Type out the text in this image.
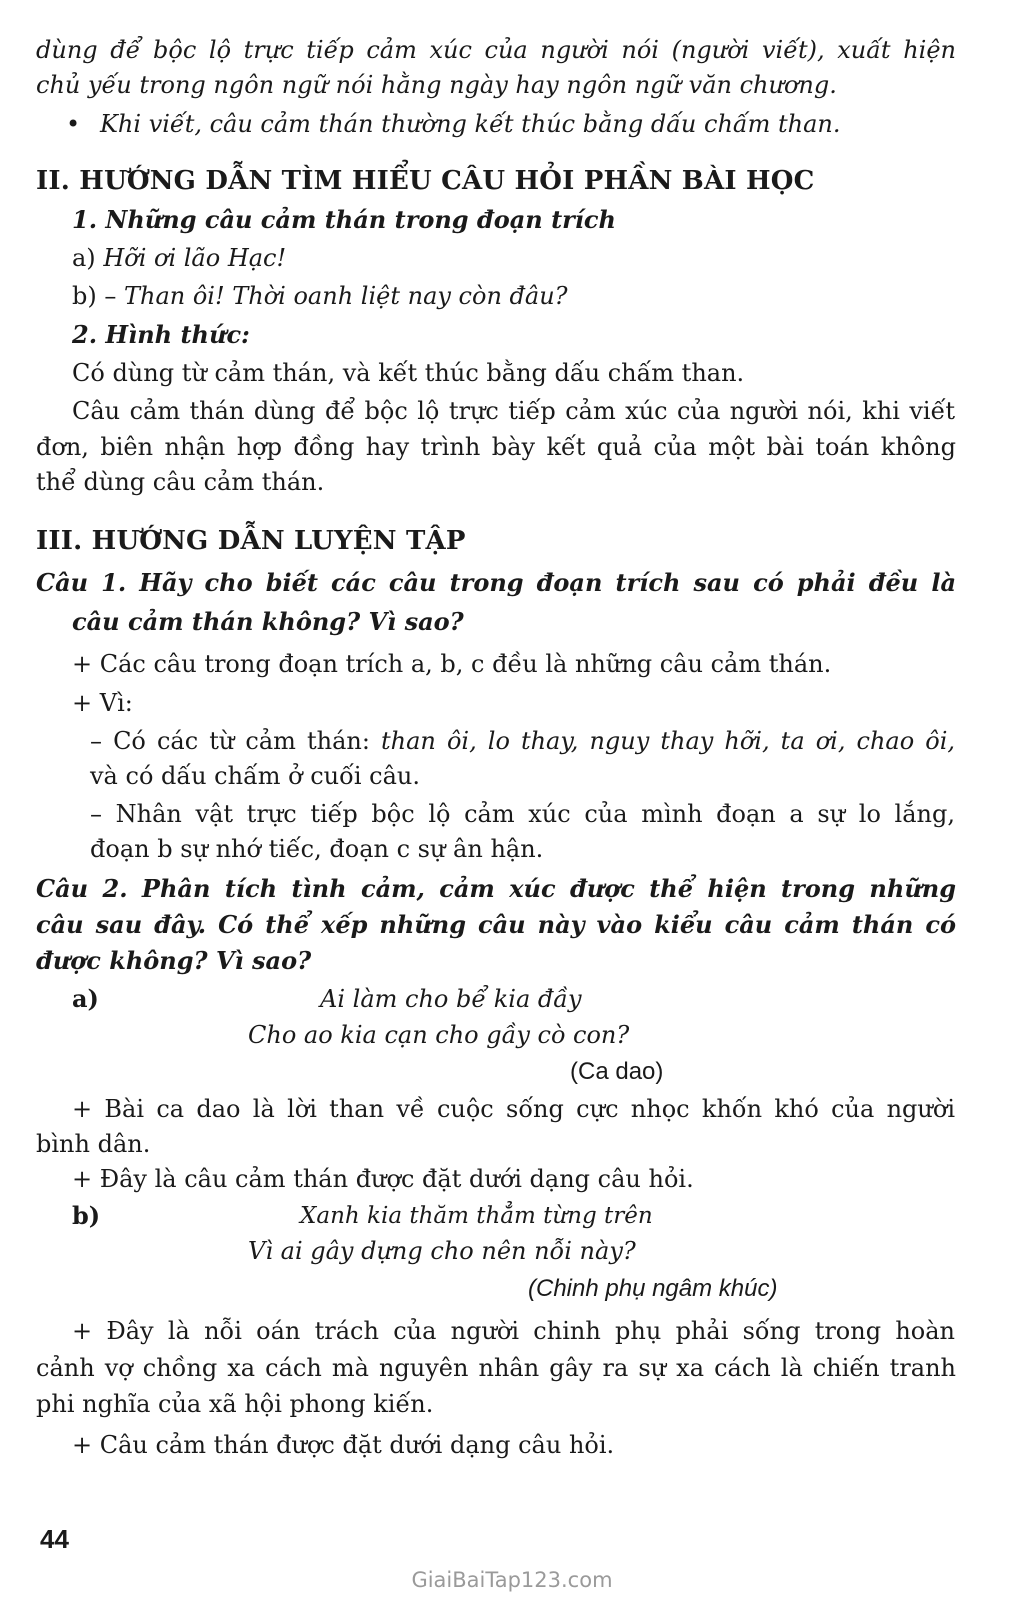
dùng để bộc lộ trực tiếp cảm xúc của người nói (người viết), xuất hiện

chủ yếu trong ngôn ngữ nói hằng ngày hay ngôn ngữ văn chương.

• Khi viết, câu cảm thán thường kết thúc bằng dấu chấm than.

II. HƯỚNG DẪN TÌM HIỂU CÂU HỎI PHẦN BÀI HỌC

1. Những câu cảm thán trong đoạn trích

a) Hỡi ơi lão Hạc!

b) – Than ôi! Thời oanh liệt nay còn đâu?

2. Hình thức:

Có dùng từ cảm thán, và kết thúc bằng dấu chấm than.

Câu cảm thán dùng để bộc lộ trực tiếp cảm xúc của người nói, khi viết

đơn, biên nhận hợp đồng hay trình bày kết quả của một bài toán không

thể dùng câu cảm thán.

III. HƯỚNG DẪN LUYỆN TẬP

Câu 1. Hãy cho biết các câu trong đoạn trích sau có phải đều là

câu cảm thán không? Vì sao?

+ Các câu trong đoạn trích a, b, c đều là những câu cảm thán.

+ Vì:

– Có các từ cảm thán: than ôi, lo thay, nguy thay hỡi, ta ơi, chao ôi,

và có dấu chấm ở cuối câu.

– Nhân vật trực tiếp bộc lộ cảm xúc của mình đoạn a sự lo lắng,

đoạn b sự nhớ tiếc, đoạn c sự ân hận.

Câu 2. Phân tích tình cảm, cảm xúc được thể hiện trong những

câu sau đây. Có thể xếp những câu này vào kiểu câu cảm thán có

được không? Vì sao?

a)	Ai làm cho bể kia đầy

Cho ao kia cạn cho gầy cò con?

(Ca dao)

+ Bài ca dao là lời than về cuộc sống cực nhọc khốn khó của người

bình dân.

+ Đây là câu cảm thán được đặt dưới dạng câu hỏi.

b)	Xanh kia thăm thẳm từng trên

Vì ai gây dựng cho nên nỗi này?

(Chinh phụ ngâm khúc)

+ Đây là nỗi oán trách của người chinh phụ phải sống trong hoàn

cảnh vợ chồng xa cách mà nguyên nhân gây ra sự xa cách là chiến tranh

phi nghĩa của xã hội phong kiến.

+ Câu cảm thán được đặt dưới dạng câu hỏi.

44

GiaiBaiTap123.com
